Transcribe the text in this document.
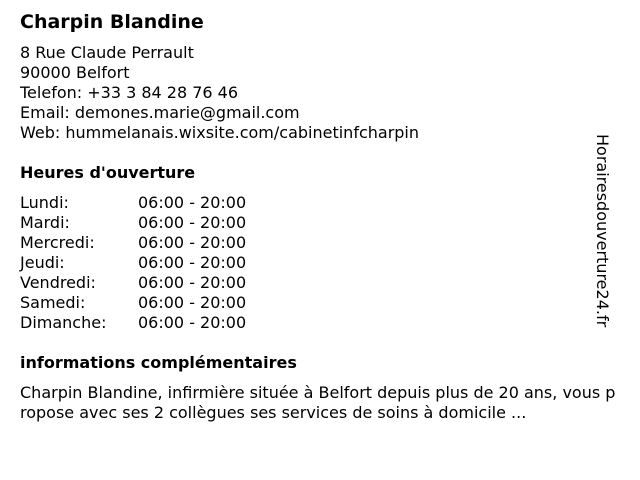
Charpin Blandine
8 Rue Claude Perrault
90000 Belfort
Telefon: +33 3 84 28 76 46
Email: demones.marie@gmail.com
Web: hummelanais.wixsite.com/cabinetinfcharpin
Heures d'ouverture
Lundi:	06:00 - 20:00
Mardi:	06:00 - 20:00
Mercredi:	06:00 - 20:00
Jeudi:	06:00 - 20:00
Vendredi:	06:00 - 20:00
Samedi:	06:00 - 20:00
Dimanche:	06:00 - 20:00
informations complémentaires
Charpin Blandine, infirmière située à Belfort depuis plus de 20 ans, vous propose avec ses 2 collègues ses services de soins à domicile ...
Horairesdouverture24.fr
